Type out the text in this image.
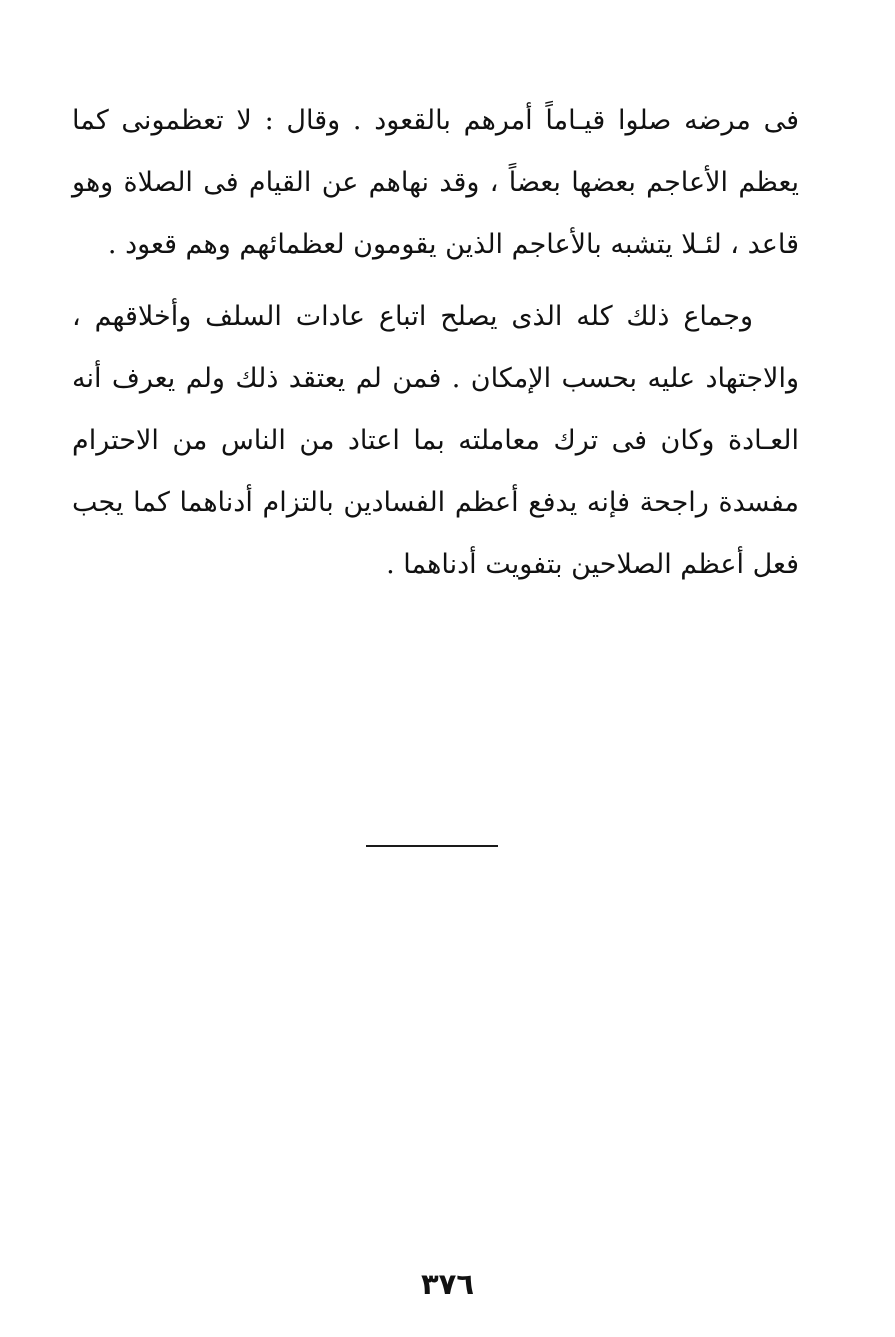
فى مرضه صلوا قيـاماً أمرهم بالقعود . وقال : لا تعظمونى كما يعظم الأعاجم بعضها بعضاً ، وقد نهاهم عن القيام فى الصلاة وهو قاعد ، لئـلا يتشبه بالأعاجم الذين يقومون لعظمائهم وهم قعود .

وجماع ذلك كله الذى يصلح اتباع عادات السلف وأخلاقهم ، والاجتهاد عليه بحسب الإمكان . فمن لم يعتقد ذلك ولم يعرف أنه العـادة وكان فى ترك معاملته بما اعتاد من الناس من الاحترام مفسدة راجحة فإنه يدفع أعظم الفسادين بالتزام أدناهما كما يجب فعل أعظم الصلاحين بتفويت أدناهما .

٣٧٦
